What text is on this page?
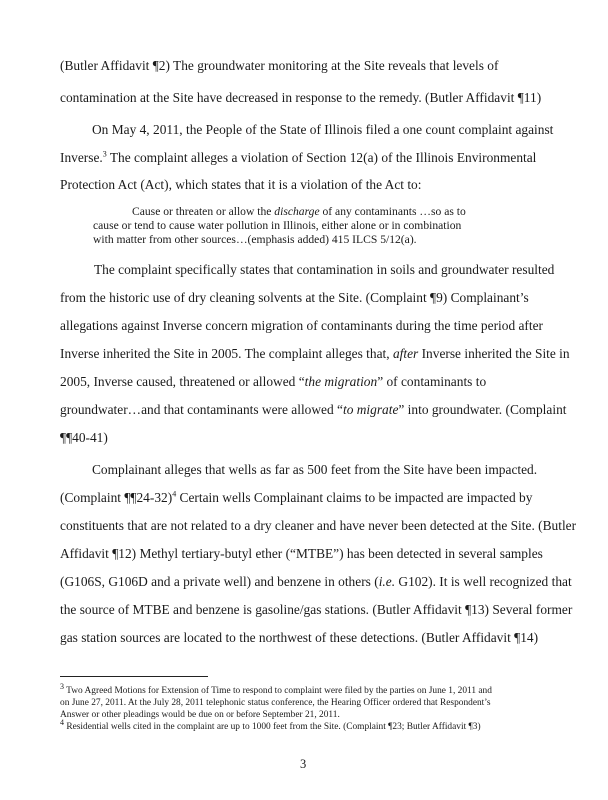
(Butler Affidavit ¶2) The groundwater monitoring at the Site reveals that levels of
contamination at the Site have decreased in response to the remedy. (Butler Affidavit ¶11)
On May 4, 2011, the People of the State of Illinois filed a one count complaint against
Inverse.$^3$ The complaint alleges a violation of Section 12(a) of the Illinois Environmental
Protection Act (Act), which states that it is a violation of the Act to:
Cause or threaten or allow the discharge of any contaminants …so as to
cause or tend to cause water pollution in Illinois, either alone or in combination
with matter from other sources…(emphasis added) 415 ILCS 5/12(a).
The complaint specifically states that contamination in soils and groundwater resulted
from the historic use of dry cleaning solvents at the Site. (Complaint ¶9) Complainant’s
allegations against Inverse concern migration of contaminants during the time period after
Inverse inherited the Site in 2005. The complaint alleges that, after Inverse inherited the Site in
2005, Inverse caused, threatened or allowed “the migration” of contaminants to
groundwater…and that contaminants were allowed “to migrate” into groundwater. (Complaint
¶¶40-41)
Complainant alleges that wells as far as 500 feet from the Site have been impacted.
(Complaint ¶¶24-32)$^4$ Certain wells Complainant claims to be impacted are impacted by
constituents that are not related to a dry cleaner and have never been detected at the Site. (Butler
Affidavit ¶12) Methyl tertiary-butyl ether (“MTBE”) has been detected in several samples
(G106S, G106D and a private well) and benzene in others (i.e. G102). It is well recognized that
the source of MTBE and benzene is gasoline/gas stations. (Butler Affidavit ¶13) Several former
gas station sources are located to the northwest of these detections. (Butler Affidavit ¶14)
$^3$ Two Agreed Motions for Extension of Time to respond to complaint were filed by the parties on June 1, 2011 and
on June 27, 2011. At the July 28, 2011 telephonic status conference, the Hearing Officer ordered that Respondent’s
Answer or other pleadings would be due on or before September 21, 2011.
$^4$ Residential wells cited in the complaint are up to 1000 feet from the Site. (Complaint ¶23; Butler Affidavit ¶3)
3
